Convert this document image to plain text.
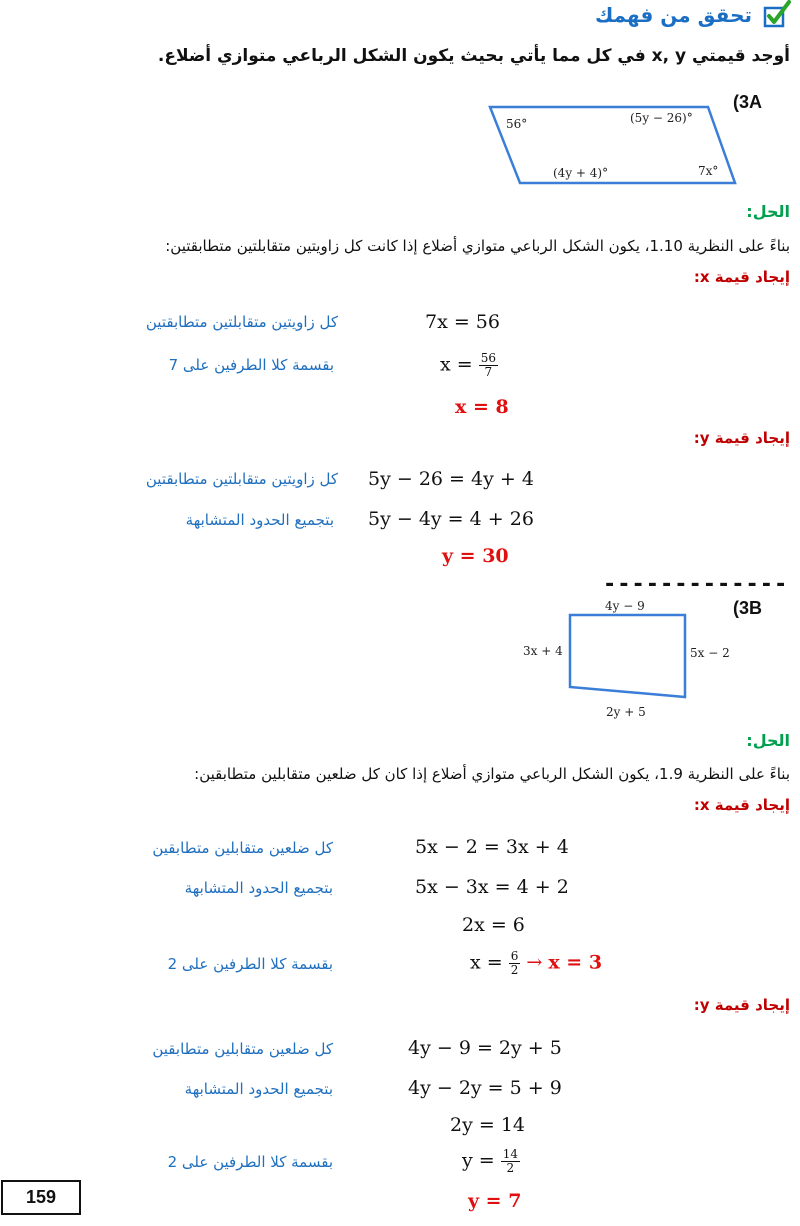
تحقق من فهمك
أوجد قيمتي x, y في كل مما يأتي بحيث يكون الشكل الرباعي متوازي أضلاع.
(3A
56°	(5y − 26)°
(4y + 4)°	7x°
الحل:
بناءً على النظرية 1.10، يكون الشكل الرباعي متوازي أضلاع إذا كانت كل زاويتين متقابلتين متطابقتين:
إيجاد قيمة x:
7x = 56
كل زاويتين متقابلتين متطابقتين
$x = \frac{56}{7}$
بقسمة كلا الطرفين على 7
x = 8
إيجاد قيمة y:
5y − 26 = 4y + 4
كل زاويتين متقابلتين متطابقتين
5y − 4y = 4 + 26
بتجميع الحدود المتشابهة
y = 30
-------------
(3B
4y − 9
3x + 4	5x − 2
2y + 5
الحل:
بناءً على النظرية 1.9، يكون الشكل الرباعي متوازي أضلاع إذا كان كل ضلعين متقابلين متطابقين:
إيجاد قيمة x:
5x − 2 = 3x + 4
كل ضلعين متقابلين متطابقين
5x − 3x = 4 + 2
بتجميع الحدود المتشابهة
2x = 6
$x = \frac{6}{2} \to x = 3$
بقسمة كلا الطرفين على 2
إيجاد قيمة y:
4y − 9 = 2y + 5
كل ضلعين متقابلين متطابقين
4y − 2y = 5 + 9
بتجميع الحدود المتشابهة
2y = 14
$y = \frac{14}{2}$
بقسمة كلا الطرفين على 2
y = 7
159
